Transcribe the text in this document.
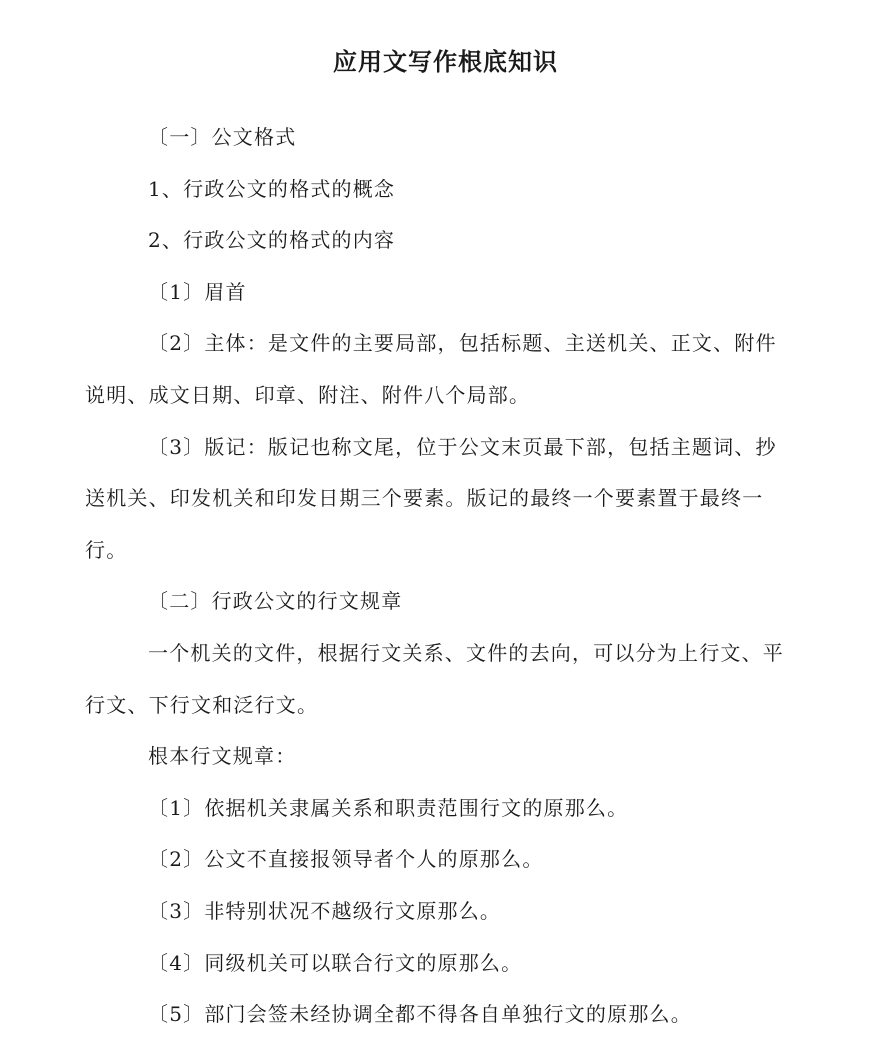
应用文写作根底知识

〔一〕公文格式

1、行政公文的格式的概念

2、行政公文的格式的内容

〔1〕眉首

〔2〕主体：是文件的主要局部，包括标题、主送机关、正文、附件说明、成文日期、印章、附注、附件八个局部。

〔3〕版记：版记也称文尾，位于公文末页最下部，包括主题词、抄送机关、印发机关和印发日期三个要素。版记的最终一个要素置于最终一行。

〔二〕行政公文的行文规章

一个机关的文件，根据行文关系、文件的去向，可以分为上行文、平行文、下行文和泛行文。

根本行文规章：

〔1〕依据机关隶属关系和职责范围行文的原那么。

〔2〕公文不直接报领导者个人的原那么。

〔3〕非特别状况不越级行文原那么。

〔4〕同级机关可以联合行文的原那么。

〔5〕部门会签未经协调全都不得各自单独行文的原那么。
